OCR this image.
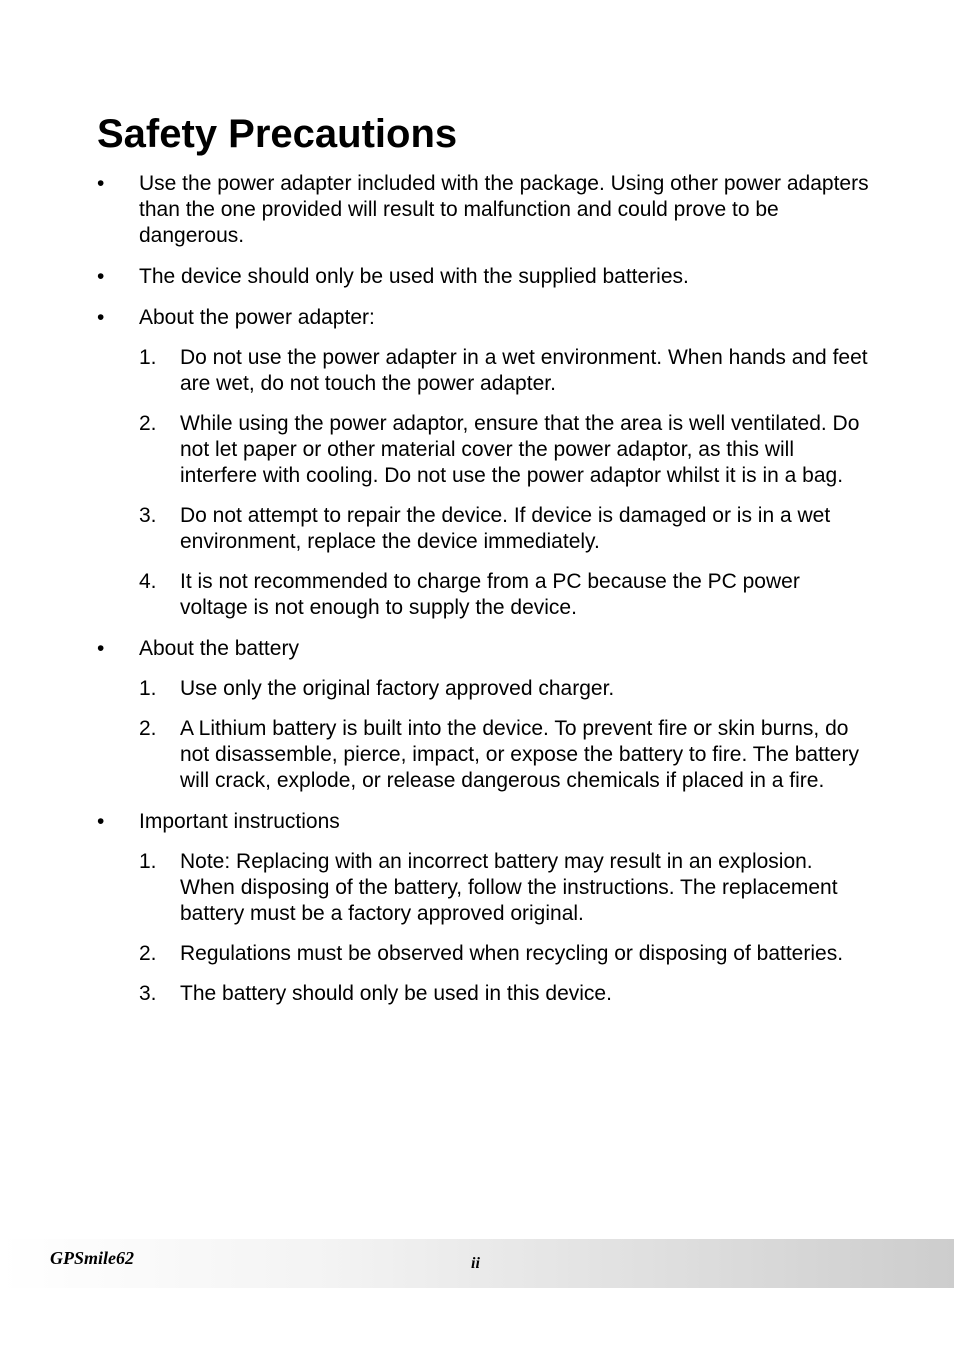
Safety Precautions
•	Use the power adapter included with the package. Using other power adapters than the one provided will result to malfunction and could prove to be dangerous.
•	The device should only be used with the supplied batteries.
•	About the power adapter:
1. Do not use the power adapter in a wet environment. When hands and feet are wet, do not touch the power adapter.
2. While using the power adaptor, ensure that the area is well ventilated. Do not let paper or other material cover the power adaptor, as this will interfere with cooling. Do not use the power adaptor whilst it is in a bag.
3. Do not attempt to repair the device. If device is damaged or is in a wet environment, replace the device immediately.
4. It is not recommended to charge from a PC because the PC power voltage is not enough to supply the device.
•	About the battery
1. Use only the original factory approved charger.
2. A Lithium battery is built into the device. To prevent fire or skin burns, do not disassemble, pierce, impact, or expose the battery to fire. The battery will crack, explode, or release dangerous chemicals if placed in a fire.
•	Important instructions
1. Note: Replacing with an incorrect battery may result in an explosion. When disposing of the battery, follow the instructions. The replacement battery must be a factory approved original.
2. Regulations must be observed when recycling or disposing of batteries.
3. The battery should only be used in this device.
GPSmile62	ii
